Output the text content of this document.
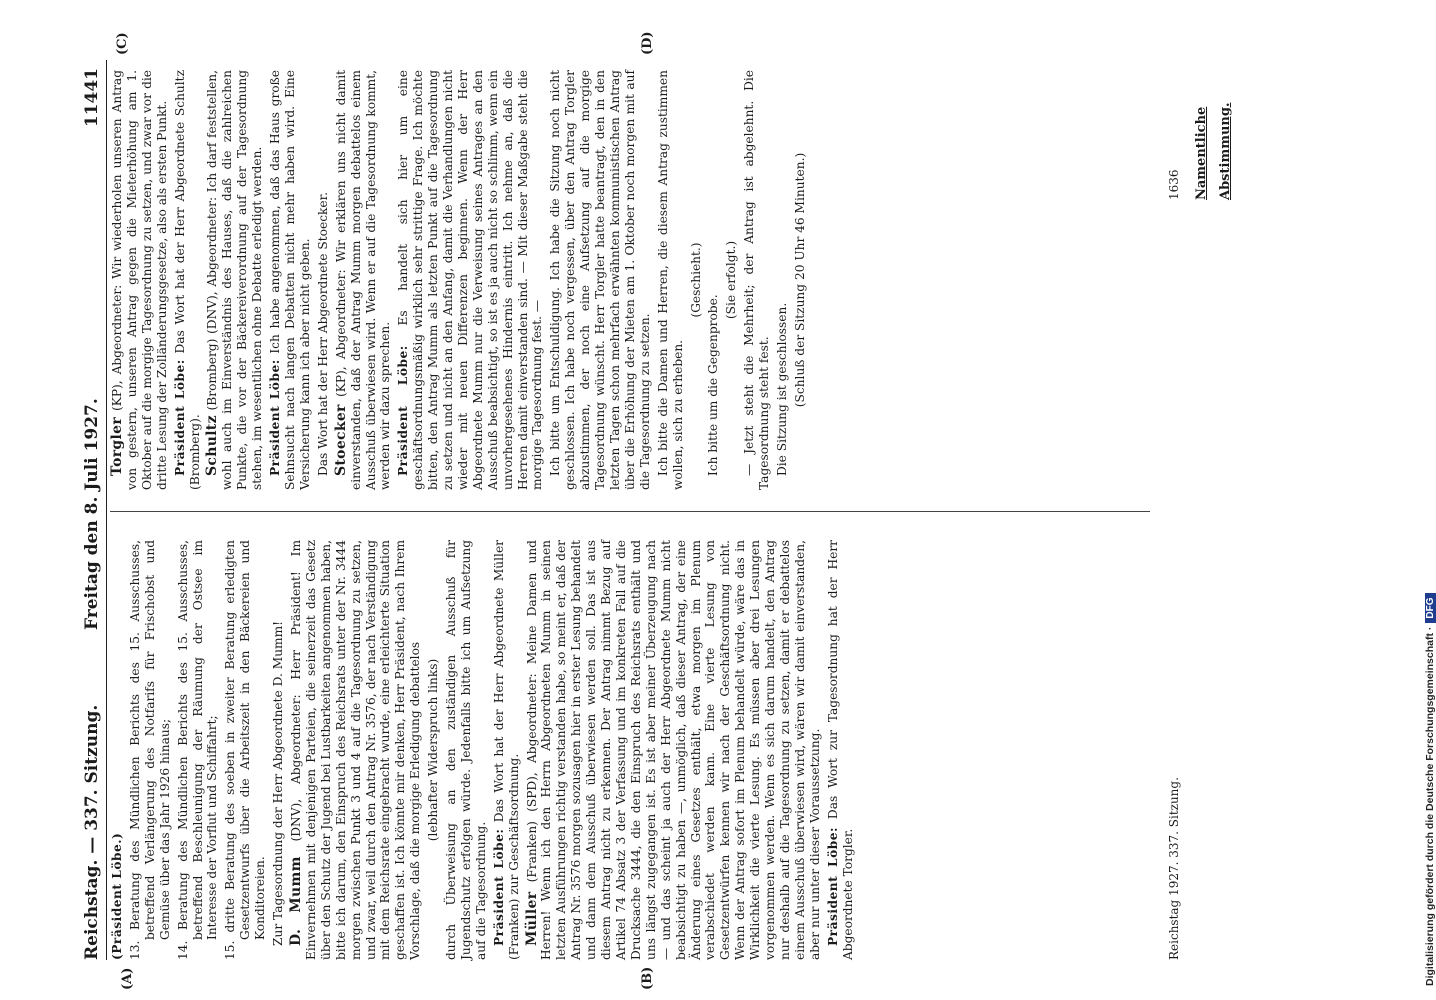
Reichstag. — 337. Sitzung.
Freitag den 8. Juli 1927.
11441
(A)	(B)
(C)	(D)

(Präsident Löbe.) 13. Beratung des Mündlichen Berichts des 15. Ausschusses, betreffend Verlängerung des Notfarifs für Frischobst und Gemüse über das Jahr 1926 hinaus;
14. Beratung des Mündlichen Berichts des 15. Ausschusses, betreffend Beschleunigung der Räumung der Ostsee im Interesse der Vorflut und Schiffahrt;
15. dritte Beratung des soeben in zweiter Beratung erledigten Gesetzentwurfs über die Arbeitszeit in den Bäckereien und Konditoreien. Zur Tagesordnung der Herr Abgeordnete D. Mumm! D. Mumm (DNV), Abgeordneter: Herr Präsident! Im Einvernehmen mit denjenigen Parteien, die seinerzeit das Gesetz über den Schutz der Jugend bei Lustbarkeiten angenommen haben, bitte ich darum, den Einspruch des Reichsrats unter der Nr. 3444 morgen zwischen Punkt 3 und 4 auf die Tagesordnung zu setzen, und zwar, weil durch den Antrag Nr. 3576, der nach Verständigung mit dem Reichsrate eingebracht wurde, eine erleichterte Situation geschaffen ist. Ich könnte mir denken, Herr Präsident, nach Ihrem Vorschlage, daß die morgige Erledigung debattelos (lebhafter Widerspruch links) durch Überweisung an den zuständigen Ausschuß für Jugendschutz erfolgen würde. Jedenfalls bitte ich um Aufsetzung auf die Tagesordnung. Präsident Löbe: Das Wort hat der Herr Abgeordnete Müller (Franken) zur Geschäftsordnung. Müller (Franken) (SPD), Abgeordneter: Meine Damen und Herren! Wenn ich den Herrn Abgeordneten Mumm in seinen letzten Ausführungen richtig verstanden habe, so meint er, daß der Antrag Nr. 3576 morgen sozusagen hier in erster Lesung behandelt und dann dem Ausschuß überwiesen werden soll. Das ist aus diesem Antrag nicht zu erkennen. Der Antrag nimmt Bezug auf Artikel 74 Absatz 3 der Verfassung und im konkreten Fall auf die Drucksache 3444, die den Einspruch des Reichsrats enthält und uns längst zugegangen ist. Es ist aber meiner Überzeugung nach — und das scheint ja auch der Herr Abgeordnete Mumm nicht beabsichtigt zu haben —, unmöglich, daß dieser Antrag, der eine Änderung eines Gesetzes enthält, etwa morgen im Plenum verabschiedet werden kann. Eine vierte Lesung von Gesetzentwürfen kennen wir nach der Geschäftsordnung nicht. Wenn der Antrag sofort im Plenum behandelt würde, wäre das in Wirklichkeit die vierte Lesung. Es müssen aber drei Lesungen vorgenommen werden. Wenn es sich darum handelt, den Antrag nur deshalb auf die Tagesordnung zu setzen, damit er debattelos einem Ausschuß überwiesen wird, wären wir damit einverstanden, aber nur unter dieser Voraussetzung. Präsident Löbe: Das Wort zur Tagesordnung hat der Herr Abgeordnete Torgler.

Torgler (KP), Abgeordneter: Wir wiederholen unseren Antrag von gestern, unseren Antrag gegen die Mieterhöhung am 1. Oktober auf die morgige Tagesordnung zu setzen, und zwar vor die dritte Lesung der Zolländerungsgesetze, also als ersten Punkt. Präsident Löbe: Das Wort hat der Herr Abgeordnete Schultz (Bromberg). Schultz (Bromberg) (DNV), Abgeordneter: Ich darf feststellen, wohl auch im Einverständnis des Hauses, daß die zahlreichen Punkte, die vor der Bäckereiverordnung auf der Tagesordnung stehen, im wesentlichen ohne Debatte erledigt werden. Präsident Löbe: Ich habe angenommen, daß das Haus große Sehnsucht nach langen Debatten nicht mehr haben wird. Eine Versicherung kann ich aber nicht geben. Das Wort hat der Herr Abgeordnete Stoecker. Stoecker (KP), Abgeordneter: Wir erklären uns nicht damit einverstanden, daß der Antrag Mumm morgen debattelos einem Ausschuß überwiesen wird. Wenn er auf die Tagesordnung kommt, werden wir dazu sprechen. Präsident Löbe: Es handelt sich hier um eine geschäftsordnungsmäßig wirklich sehr strittige Frage. Ich möchte bitten, den Antrag Mumm als letzten Punkt auf die Tagesordnung zu setzen und nicht an den Anfang, damit die Verhandlungen nicht wieder mit neuen Differenzen beginnen. Wenn der Herr Abgeordnete Mumm nur die Verweisung seines Antrages an den Ausschuß beabsichtigt, so ist es ja auch nicht so schlimm, wenn ein unvorhergesehenes Hindernis eintritt. Ich nehme an, daß die Herren damit einverstanden sind. — Mit dieser Maßgabe steht die morgige Tagesordnung fest. — Ich bitte um Entschuldigung. Ich habe die Sitzung noch nicht geschlossen. Ich habe noch vergessen, über den Antrag Torgler abzustimmen, der noch eine Aufsetzung auf die morgige Tagesordnung wünscht. Herr Torgler hatte beantragt, den in den letzten Tagen schon mehrfach erwähnten kommunistischen Antrag über die Erhöhung der Mieten am 1. Oktober noch morgen mit auf die Tagesordnung zu setzen. Ich bitte die Damen und Herren, die diesem Antrag zustimmen wollen, sich zu erheben.

(Geschieht.)

Ich bitte um die Gegenprobe.

(Sie erfolgt.) — Jetzt steht die Mehrheit; der Antrag ist abgelehnt. Die Tagesordnung steht fest. Die Sitzung ist geschlossen. (Schluß der Sitzung 20 Uhr 46 Minuten.)

Reichstag 1927. 337. Sitzung.
1636	Namentliche Abstimmung.
Digitalisierung gefördert durch die Deutsche Forschungsgemeinschaft ·DFG
